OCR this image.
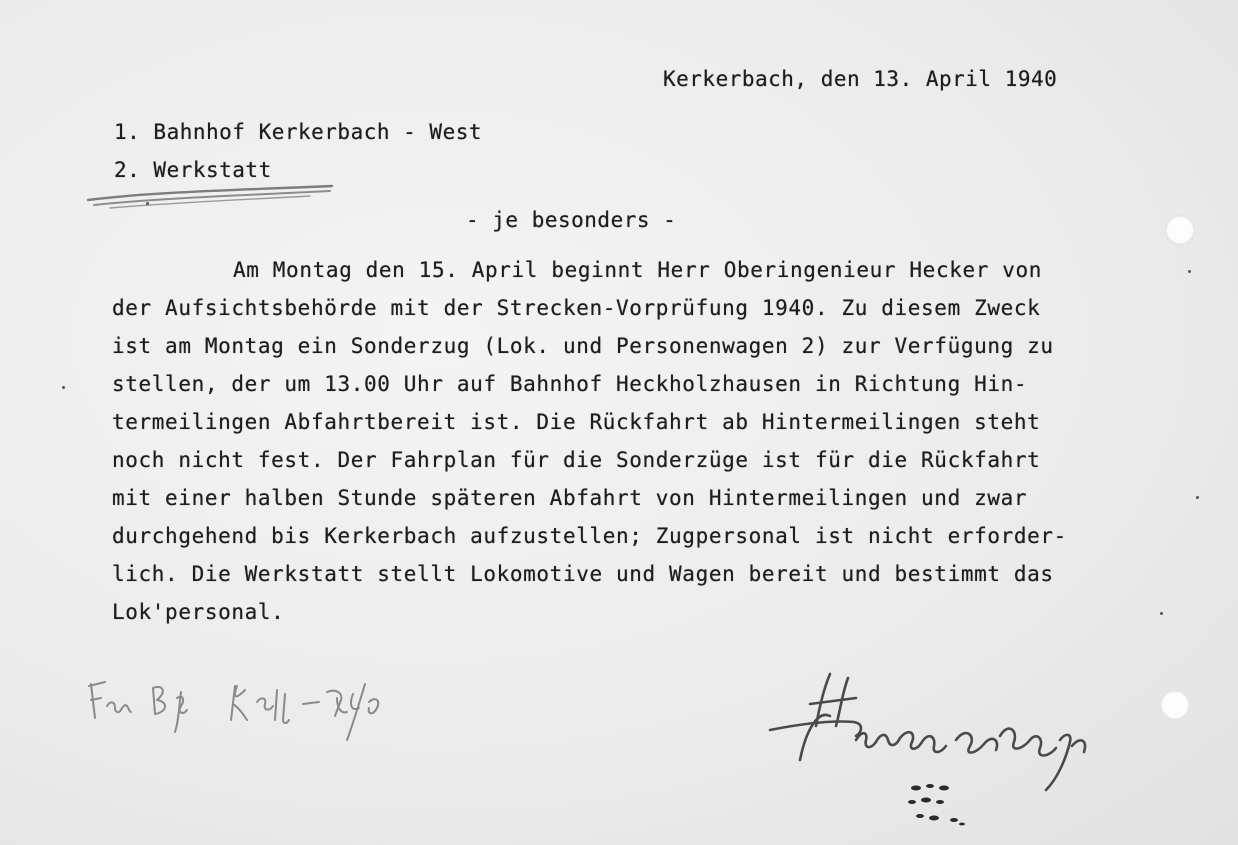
Kerkerbach, den 13. April 1940
1. Bahnhof Kerkerbach - West
2. Werkstatt
- je besonders -
Am Montag den 15. April beginnt Herr Oberingenieur Hecker von
der Aufsichtsbehörde mit der Strecken-Vorprüfung 1940. Zu diesem Zweck
ist am Montag ein Sonderzug (Lok. und Personenwagen 2) zur Verfügung zu
stellen, der um 13.00 Uhr auf Bahnhof Heckholzhausen in Richtung Hin-
termeilingen Abfahrtbereit ist. Die Rückfahrt ab Hintermeilingen steht
noch nicht fest. Der Fahrplan für die Sonderzüge ist für die Rückfahrt
mit einer halben Stunde späteren Abfahrt von Hintermeilingen und zwar
durchgehend bis Kerkerbach aufzustellen; Zugpersonal ist nicht erforder-
lich. Die Werkstatt stellt Lokomotive und Wagen bereit und bestimmt das
Lok'personal.
